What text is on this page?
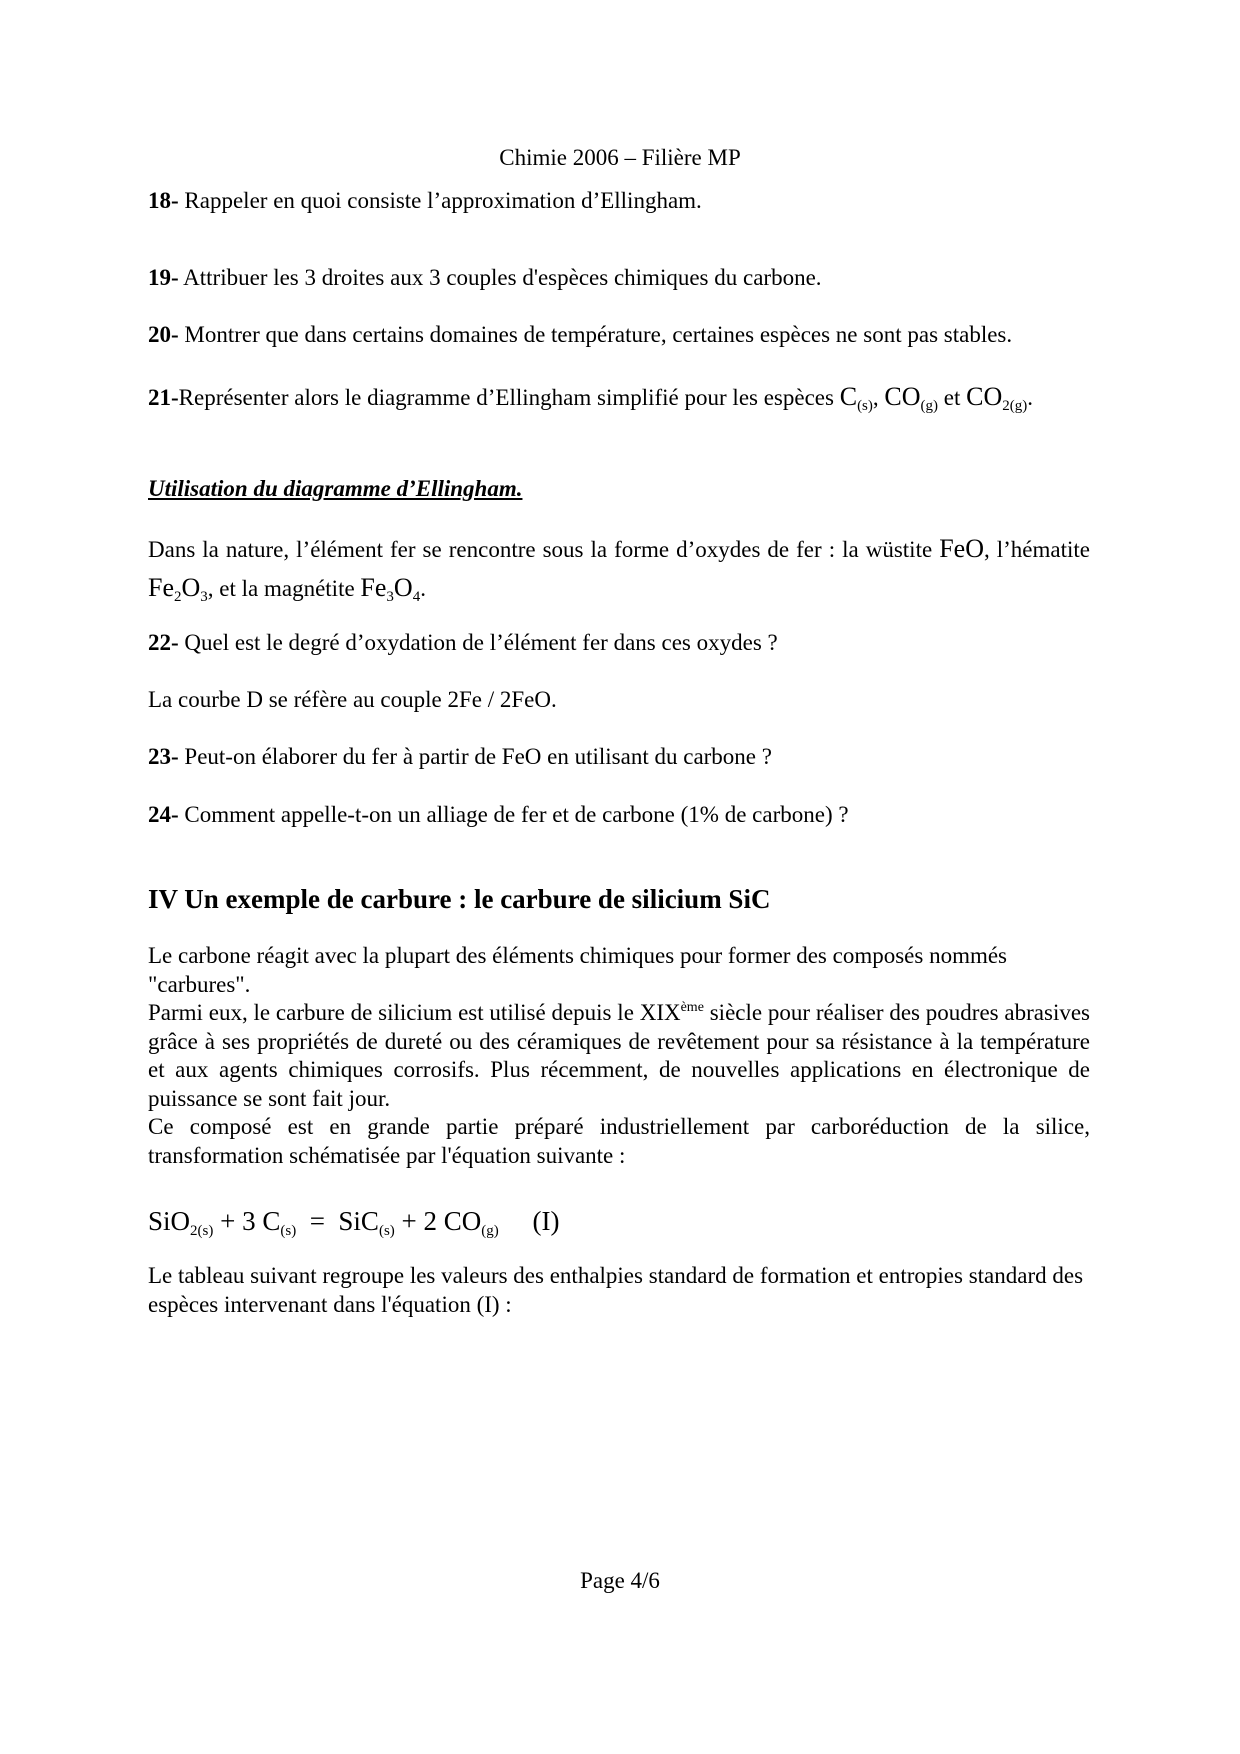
Chimie 2006 – Filière MP
18- Rappeler en quoi consiste l’approximation d’Ellingham.
19- Attribuer les 3 droites aux 3 couples d'espèces chimiques du carbone.
20- Montrer que dans certains domaines de température, certaines espèces ne sont pas stables.
21-Représenter alors le diagramme d’Ellingham simplifié pour les espèces $C_{(s)}$, $CO_{(g)}$ et $CO_{2(g)}$.
Utilisation du diagramme d’Ellingham.
Dans la nature, l’élément fer se rencontre sous la forme d’oxydes de fer : la wüstite FeO, l’hématite $Fe_2O_3$, et la magnétite $Fe_3O_4$.
22- Quel est le degré d’oxydation de l’élément fer dans ces oxydes ?
La courbe D se réfère au couple 2Fe / 2FeO.
23- Peut-on élaborer du fer à partir de FeO en utilisant du carbone ?
24- Comment appelle-t-on un alliage de fer et de carbone (1% de carbone) ?
IV Un exemple de carbure : le carbure de silicium SiC
Le carbone réagit avec la plupart des éléments chimiques pour former des composés nommés "carbures".
Parmi eux, le carbure de silicium est utilisé depuis le XIXème siècle pour réaliser des poudres abrasives grâce à ses propriétés de dureté ou des céramiques de revêtement pour sa résistance à la température et aux agents chimiques corrosifs. Plus récemment, de nouvelles applications en électronique de puissance se sont fait jour.
Ce composé est en grande partie préparé industriellement par carboréduction de la silice, transformation schématisée par l'équation suivante :
SiO$_{2(s)}$ + 3 $C_{(s)} = SiC_{(s)} + 2$ $CO_{(g)}$     (I)
Le tableau suivant regroupe les valeurs des enthalpies standard de formation et entropies standard des espèces intervenant dans l'équation (I) :
Page 4/6
